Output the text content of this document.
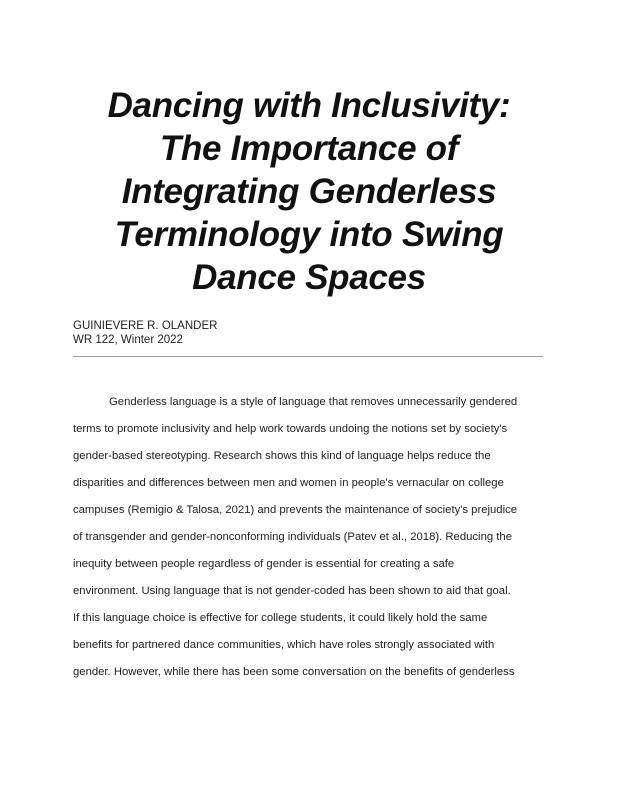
Dancing with Inclusivity:
The Importance of
Integrating Genderless
Terminology into Swing
Dance Spaces
GUINIEVERE R. OLANDER
WR 122, Winter 2022
Genderless language is a style of language that removes unnecessarily gendered
terms to promote inclusivity and help work towards undoing the notions set by society's
gender-based stereotyping. Research shows this kind of language helps reduce the
disparities and differences between men and women in people's vernacular on college
campuses (Remigio & Talosa, 2021) and prevents the maintenance of society's prejudice
of transgender and gender-nonconforming individuals (Patev et al., 2018). Reducing the
inequity between people regardless of gender is essential for creating a safe
environment. Using language that is not gender-coded has been shown to aid that goal.
If this language choice is effective for college students, it could likely hold the same
benefits for partnered dance communities, which have roles strongly associated with
gender. However, while there has been some conversation on the benefits of genderless
